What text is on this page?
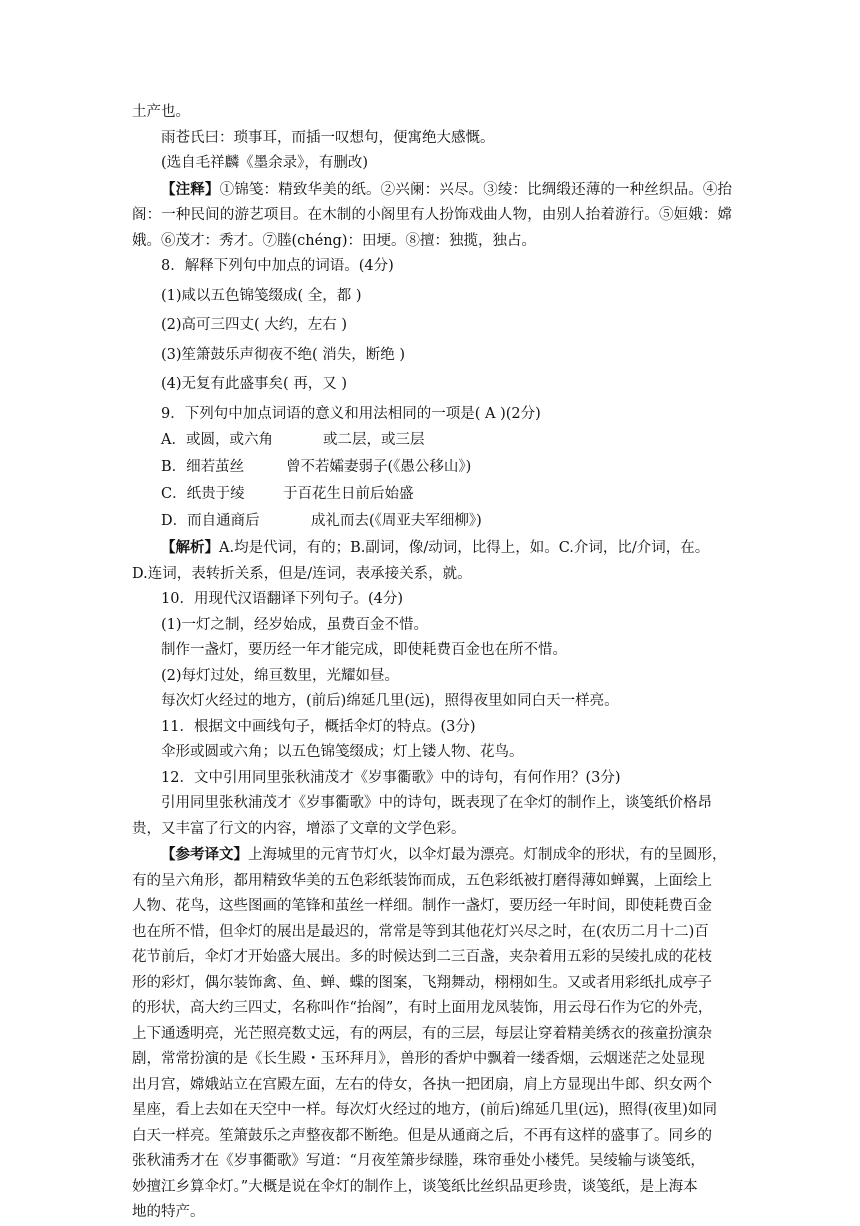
土产也。
雨苍氏曰：琐事耳，而插一叹想句，便寓绝大感慨。
(选自毛祥麟《墨余录》，有删改)

【注释】①锦笺：精致华美的纸。②兴阑：兴尽。③绫：比绸缎还薄的一种丝织品。④抬阁：一种民间的游艺项目。在木制的小阁里有人扮饰戏曲人物，由别人抬着游行。⑤姮娥：嫦娥。⑥茂才：秀才。⑦塍(chéng)：田埂。⑧擅：独揽，独占。

8．解释下列句中加点的词语。(4分)
(1)咸以五色锦笺缀成( 全，都 )
(2)高可三四丈( 大约，左右 )
(3)笙箫鼓乐声彻夜不绝( 消失，断绝 )
(4)无复有此盛事矣( 再，又 )
9．下列句中加点词语的意义和用法相同的一项是( A )(2分)
A．或圆，或六角	或二层，或三层
B．细若茧丝	曾不若孀妻弱子(《愚公移山》)
C．纸贵于绫	于百花生日前后始盛
D．而自通商后	成礼而去(《周亚夫军细柳》)
【解析】A.均是代词，有的；B.副词，像/动词，比得上，如。C.介词，比/介词，在。
D.连词，表转折关系，但是/连词，表承接关系，就。
10．用现代汉语翻译下列句子。(4分)
(1)一灯之制，经岁始成，虽费百金不惜。
制作一盏灯，要历经一年才能完成，即使耗费百金也在所不惜。
(2)每灯过处，绵亘数里，光耀如昼。
每次灯火经过的地方，(前后)绵延几里(远)，照得夜里如同白天一样亮。
11．根据文中画线句子，概括伞灯的特点。(3分)
伞形或圆或六角；以五色锦笺缀成；灯上镂人物、花鸟。
12．文中引用同里张秋浦茂才《岁事衢歌》中的诗句，有何作用？(3分)
引用同里张秋浦茂才《岁事衢歌》中的诗句，既表现了在伞灯的制作上，谈笺纸价格昂
贵，又丰富了行文的内容，增添了文章的文学色彩。
【参考译文】上海城里的元宵节灯火，以伞灯最为漂亮。灯制成伞的形状，有的呈圆形，
有的呈六角形，都用精致华美的五色彩纸装饰而成，五色彩纸被打磨得薄如蝉翼，上面绘上
人物、花鸟，这些图画的笔锋和茧丝一样细。制作一盏灯，要历经一年时间，即使耗费百金
也在所不惜，但伞灯的展出是最迟的，常常是等到其他花灯兴尽之时，在(农历二月十二)百
花节前后，伞灯才开始盛大展出。多的时候达到二三百盏，夹杂着用五彩的吴绫扎成的花枝
形的彩灯，偶尔装饰禽、鱼、蝉、蝶的图案，飞翔舞动，栩栩如生。又或者用彩纸扎成亭子
的形状，高大约三四丈，名称叫作“抬阁”，有时上面用龙凤装饰，用云母石作为它的外壳，
上下通透明亮，光芒照亮数丈远，有的两层，有的三层，每层让穿着精美绣衣的孩童扮演杂
剧，常常扮演的是《长生殿・玉环拜月》，兽形的香炉中飘着一缕香烟，云烟迷茫之处显现
出月宫，嫦娥站立在宫殿左面，左右的侍女，各执一把团扇，肩上方显现出牛郎、织女两个
星座，看上去如在天空中一样。每次灯火经过的地方，(前后)绵延几里(远)，照得(夜里)如同
白天一样亮。笙箫鼓乐之声整夜都不断绝。但是从通商之后，不再有这样的盛事了。同乡的
张秋浦秀才在《岁事衢歌》写道：“月夜笙箫步绿塍，珠帘垂处小楼凭。吴绫输与谈笺纸，
妙擅江乡算伞灯。”大概是说在伞灯的制作上，谈笺纸比丝织品更珍贵，谈笺纸，是上海本
地的特产。
